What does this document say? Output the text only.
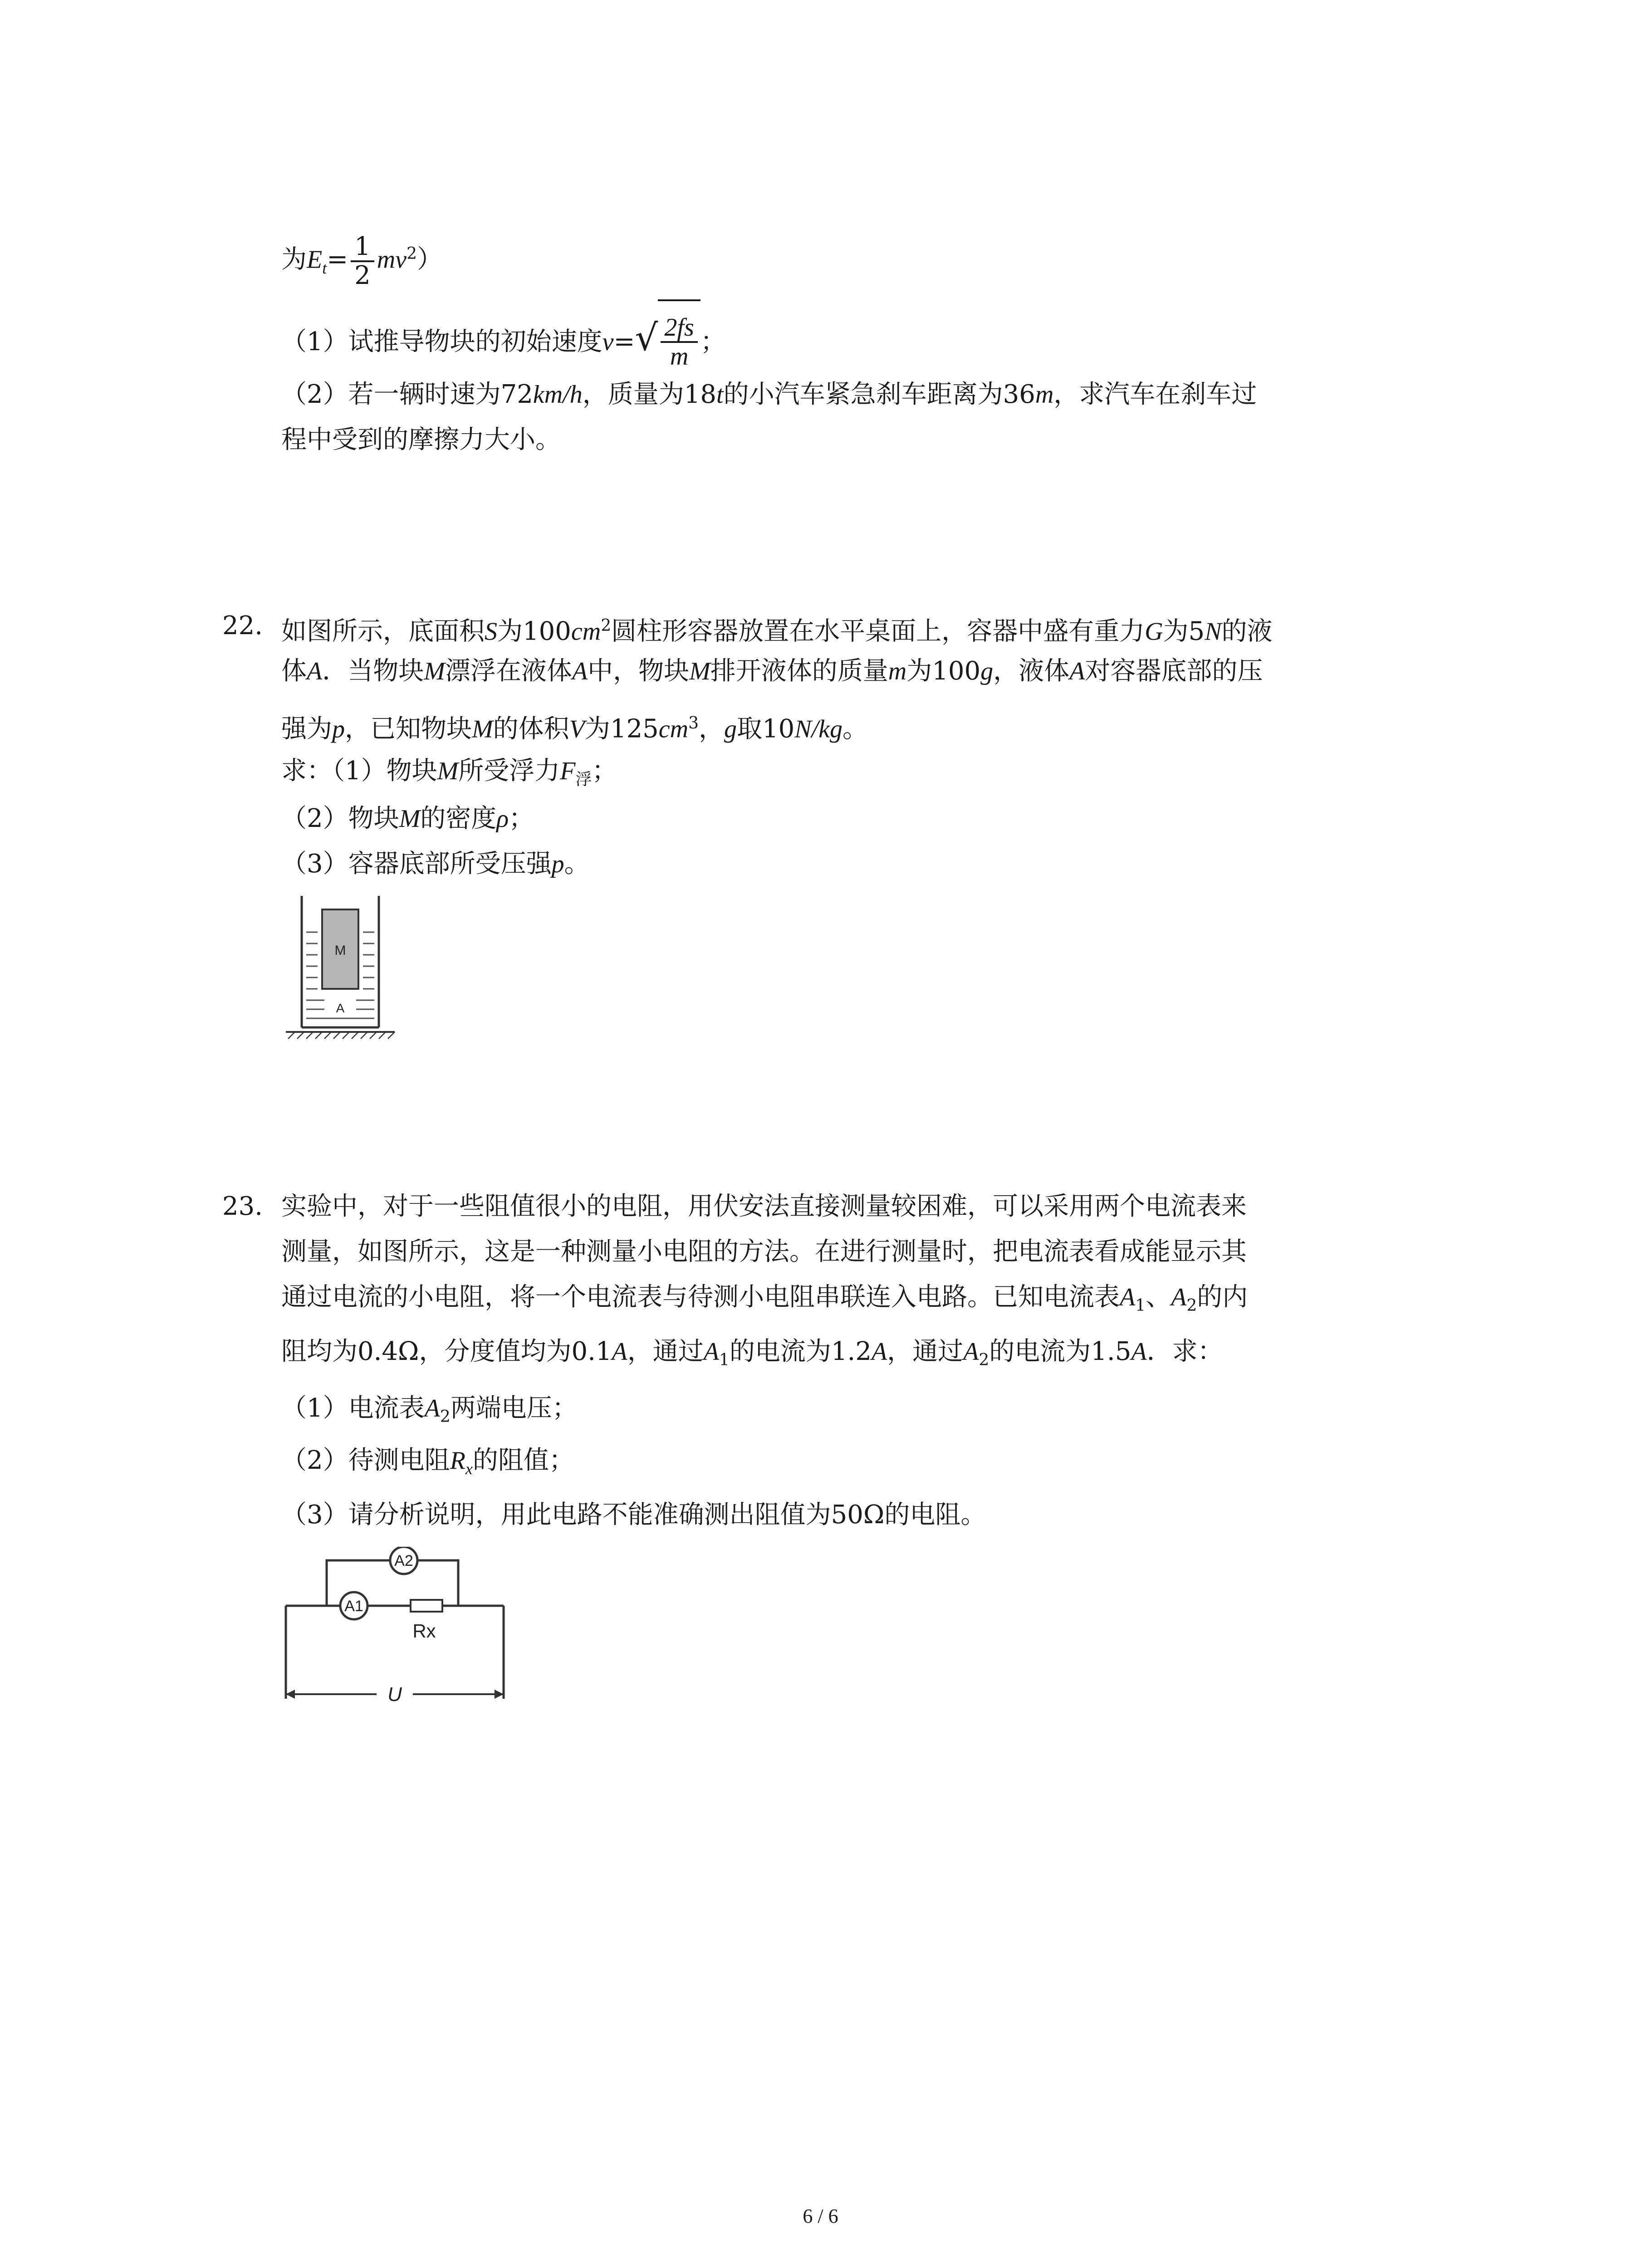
为$E_t= \frac{1}{2} mv^2$）
（1）试推导物块的初始速度v= √ $\frac{2fs}{m}$ ；
（2）若一辆时速为72km/h，质量为18t的小汽车紧急刹车距离为36m，求汽车在刹车过
程中受到的摩擦力大小。
22. 如图所示，底面积S为$100cm^2$圆柱形容器放置在水平桌面上，容器中盛有重力G为5N的液
体A．当物块M漂浮在液体A中，物块M排开液体的质量m为100g，液体A对容器底部的压
强为p，已知物块M的体积V为$125cm^3$，g取10N/kg。
求：（1）物块M所受浮力$F_浮$；
（2）物块M的密度ρ；
（3）容器底部所受压强p。
M
A
23. 实验中，对于一些阻值很小的电阻，用伏安法直接测量较困难，可以采用两个电流表来
测量，如图所示，这是一种测量小电阻的方法。在进行测量时，把电流表看成能显示其
通过电流的小电阻，将一个电流表与待测小电阻串联连入电路。已知电流表$A_1$、$A_2$的内
阻均为0.4Ω，分度值均为0.1A，通过$A_1$的电流为1.2A，通过$A_2$的电流为1.5A．求：
（1）电流表$A_2$两端电压；
（2）待测电阻$R_x$的阻值；
（3）请分析说明，用此电路不能准确测出阻值为50Ω的电阻。
A2
A1
Rx
U
6 / 6
